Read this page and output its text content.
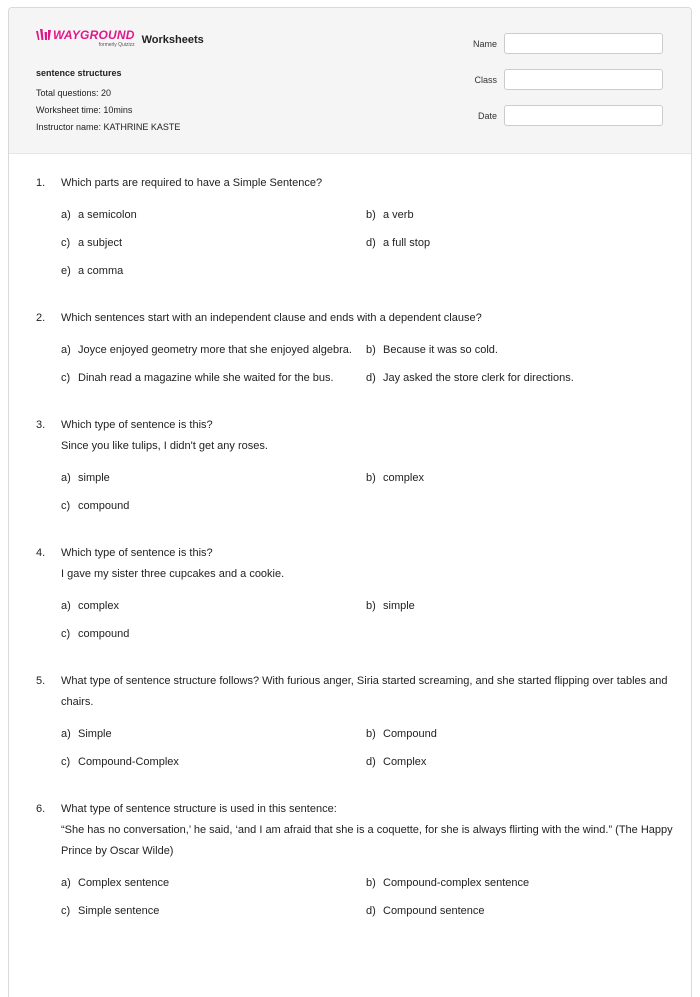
WAYGROUND
formerly Quizizz Worksheets
sentence structures
Total questions: 20
Worksheet time: 10mins
Instructor name: KATHRINE KASTE
Name
Class
Date
1.	Which parts are required to have a Simple Sentence?
a) a semicolon	b) a verb
c) a subject	d) a full stop
e) a comma
2.	Which sentences start with an independent clause and ends with a dependent clause?
a) Joyce enjoyed geometry more that she enjoyed algebra.	b) Because it was so cold.
c) Dinah read a magazine while she waited for the bus.	d) Jay asked the store clerk for directions.
3.	Which type of sentence is this?
Since you like tulips, I didn't get any roses.
a) simple	b) complex
c) compound
4.	Which type of sentence is this?
I gave my sister three cupcakes and a cookie.
a) complex	b) simple
c) compound
5.	What type of sentence structure follows? With furious anger, Siria started screaming, and she started flipping over tables and chairs.
a) Simple	b) Compound
c) Compound-Complex	d) Complex
6.	What type of sentence structure is used in this sentence:
“She has no conversation,’ he said, ‘and I am afraid that she is a coquette, for she is always flirting with the wind.” (The Happy Prince by Oscar Wilde)
a) Complex sentence	b) Compound-complex sentence
c) Simple sentence	d) Compound sentence
